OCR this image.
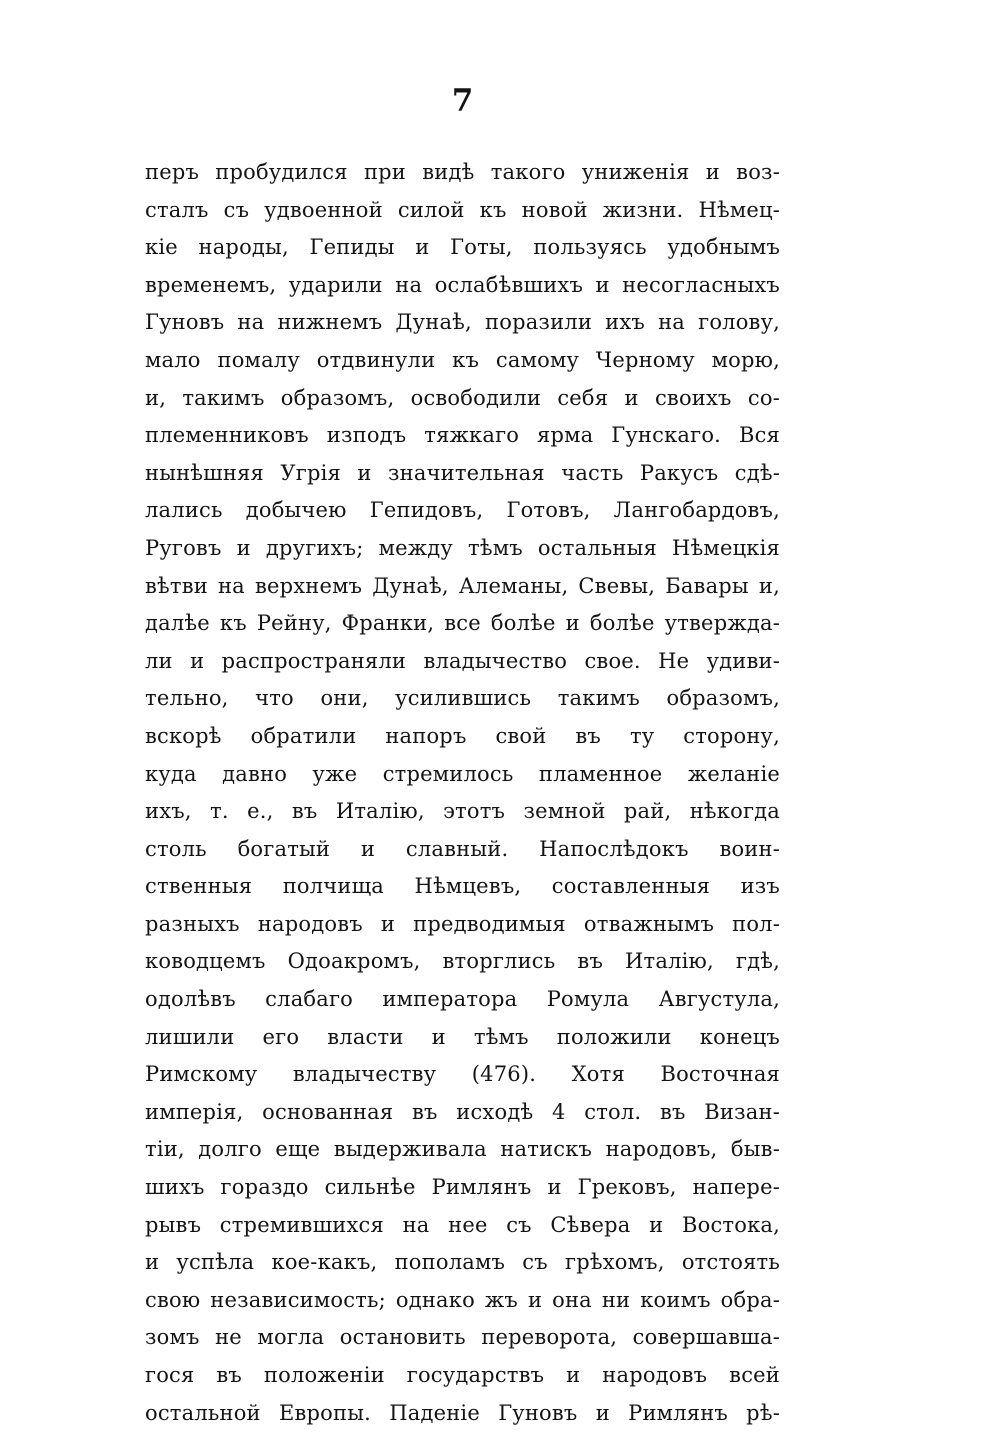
7
перъ пробудился при видѣ такого униженія и воз-
сталъ съ удвоенной силой къ новой жизни. Нѣмец-
кіе народы, Гепиды и Готы, пользуясь удобнымъ
временемъ, ударили на ослабѣвшихъ и несогласныхъ
Гуновъ на нижнемъ Дунаѣ, поразили ихъ на голову,
мало помалу отдвинули къ самому Черному морю,
и, такимъ образомъ, освободили себя и своихъ со-
племенниковъ изподъ тяжкаго ярма Гунскаго. Вся
нынѣшняя Угрія и значительная часть Ракусъ сдѣ-
лались добычею Гепидовъ, Готовъ, Лангобардовъ,
Руговъ и другихъ; между тѣмъ остальныя Нѣмецкія
вѣтви на верхнемъ Дунаѣ, Алеманы, Свевы, Бавары и,
далѣе къ Рейну, Франки, все болѣе и болѣе утвержда-
ли и распространяли владычество свое. Не удиви-
тельно, что они, усилившись такимъ образомъ,
вскорѣ обратили напоръ свой въ ту сторону,
куда давно уже стремилось пламенное желаніе
ихъ, т. е., въ Италію, этотъ земной рай, нѣкогда
столь богатый и славный. Напослѣдокъ воин-
ственныя полчища Нѣмцевъ, составленныя изъ
разныхъ народовъ и предводимыя отважнымъ пол-
ководцемъ Одоакромъ, вторглись въ Италію, гдѣ,
одолѣвъ слабаго императора Ромула Августула,
лишили его власти и тѣмъ положили конецъ
Римскому владычеству (476). Хотя Восточная
имперія, основанная въ исходѣ 4 стол. въ Визан-
тіи, долго еще выдерживала натискъ народовъ, быв-
шихъ гораздо сильнѣе Римлянъ и Грековъ, напере-
рывъ стремившихся на нее съ Сѣвера и Востока,
и успѣла кое-какъ, пополамъ съ грѣхомъ, отстоять
свою независимость; однако жъ и она ни коимъ обра-
зомъ не могла остановить переворота, совершавша-
гося въ положеніи государствъ и народовъ всей
остальной Европы. Паденіе Гуновъ и Римлянъ рѣ-
